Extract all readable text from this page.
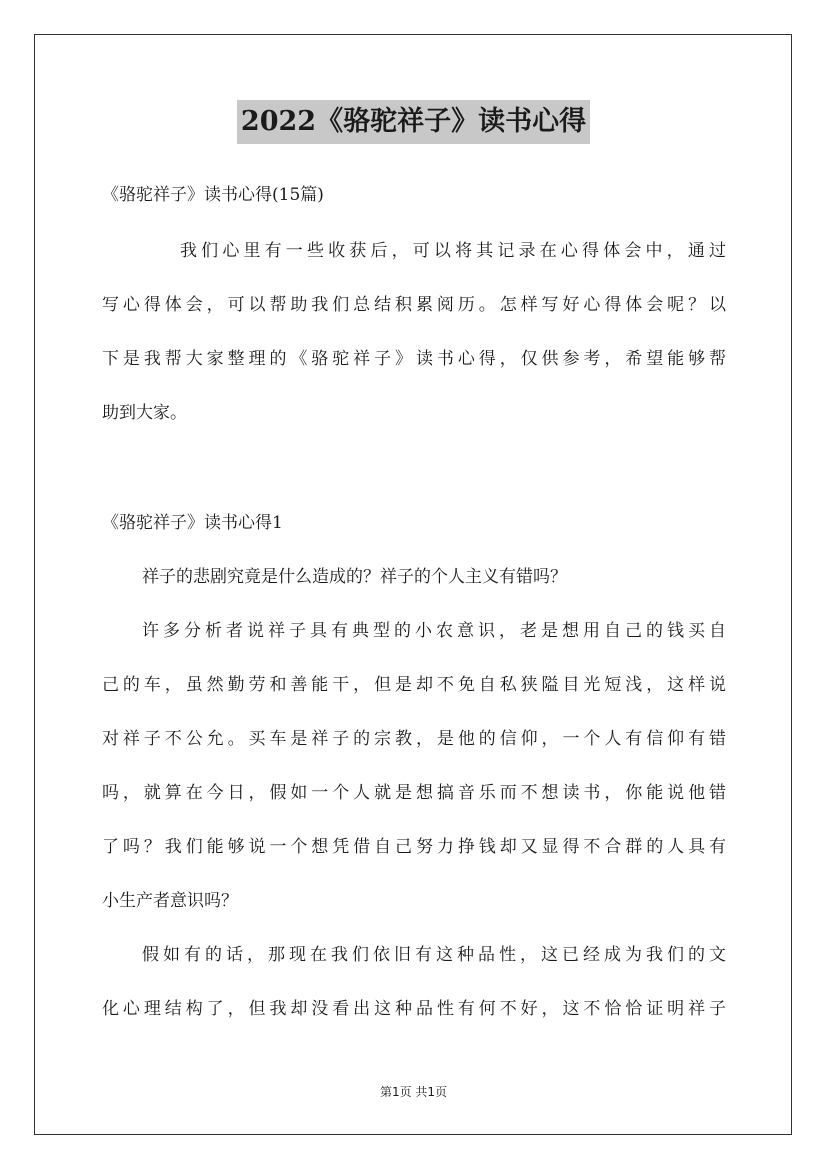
2022《骆驼祥子》读书心得
《骆驼祥子》读书心得(15篇)
我们心里有一些收获后，可以将其记录在心得体会中，通过
写心得体会，可以帮助我们总结积累阅历。怎样写好心得体会呢？以
下是我帮大家整理的《骆驼祥子》读书心得，仅供参考，希望能够帮
助到大家。
《骆驼祥子》读书心得1
祥子的悲剧究竟是什么造成的？祥子的个人主义有错吗？
许多分析者说祥子具有典型的小农意识，老是想用自己的钱买自
己的车，虽然勤劳和善能干，但是却不免自私狭隘目光短浅，这样说
对祥子不公允。买车是祥子的宗教，是他的信仰，一个人有信仰有错
吗，就算在今日，假如一个人就是想搞音乐而不想读书，你能说他错
了吗？我们能够说一个想凭借自己努力挣钱却又显得不合群的人具有
小生产者意识吗？
假如有的话，那现在我们依旧有这种品性，这已经成为我们的文
化心理结构了，但我却没看出这种品性有何不好，这不恰恰证明祥子
第1页 共1页
